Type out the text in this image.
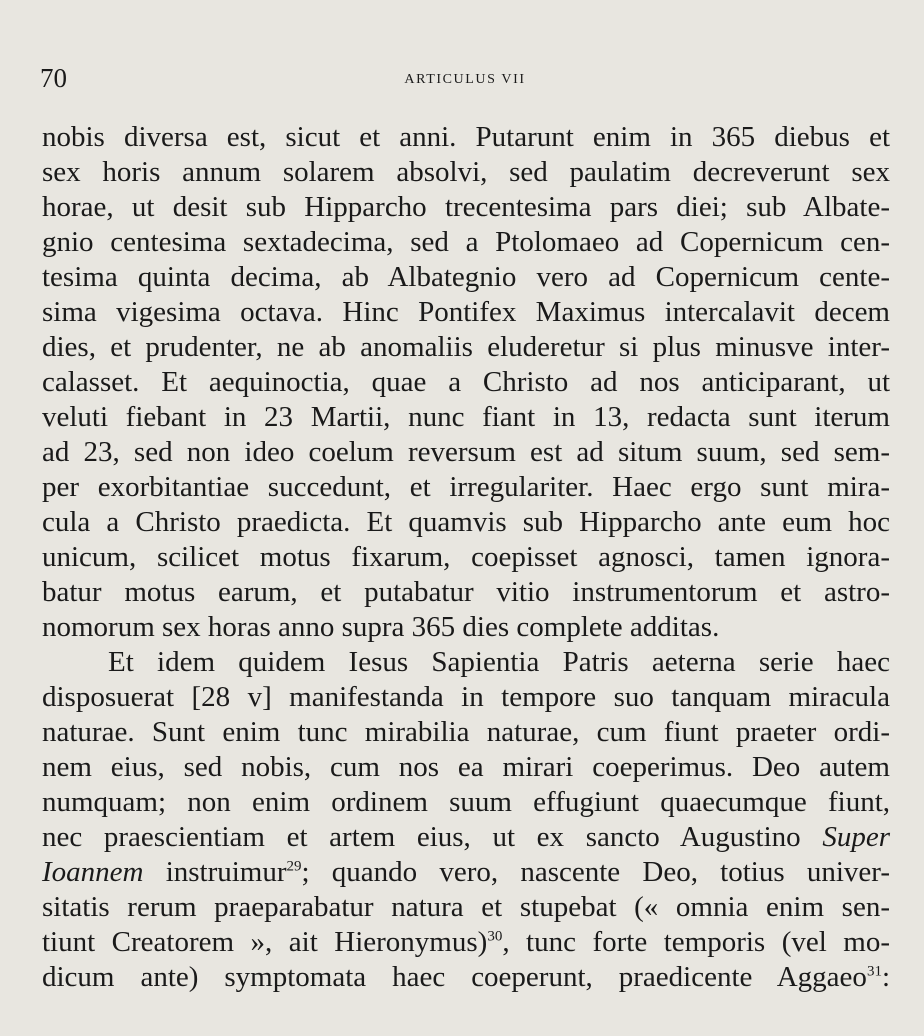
70	ARTICULUS VII
nobis diversa est, sicut et anni. Putarunt enim in 365 diebus et
sex horis annum solarem absolvi, sed paulatim decreverunt sex
horae, ut desit sub Hipparcho trecentesima pars diei; sub Albate-
gnio centesima sextadecima, sed a Ptolomaeo ad Copernicum cen-
tesima quinta decima, ab Albategnio vero ad Copernicum cente-
sima vigesima octava. Hinc Pontifex Maximus intercalavit decem
dies, et prudenter, ne ab anomaliis eluderetur si plus minusve inter-
calasset. Et aequinoctia, quae a Christo ad nos anticiparant, ut
veluti fiebant in 23 Martii, nunc fiant in 13, redacta sunt iterum
ad 23, sed non ideo coelum reversum est ad situm suum, sed sem-
per exorbitantiae succedunt, et irregulariter. Haec ergo sunt mira-
cula a Christo praedicta. Et quamvis sub Hipparcho ante eum hoc
unicum, scilicet motus fixarum, coepisset agnosci, tamen ignora-
batur motus earum, et putabatur vitio instrumentorum et astro-
nomorum sex horas anno supra 365 dies complete additas.
Et idem quidem Iesus Sapientia Patris aeterna serie haec
disposuerat [28 v] manifestanda in tempore suo tanquam miracula
naturae. Sunt enim tunc mirabilia naturae, cum fiunt praeter ordi-
nem eius, sed nobis, cum nos ea mirari coeperimus. Deo autem
numquam; non enim ordinem suum effugiunt quaecumque fiunt,
nec praescientiam et artem eius, ut ex sancto Augustino Super
Ioannem instruimur$^{29}$; quando vero, nascente Deo, totius univer-
sitatis rerum praeparabatur natura et stupebat (« omnia enim sen-
tiunt Creatorem », ait Hieronymus)$^{30}$, tunc forte temporis (vel mo-
dicum ante) symptomata haec coeperunt, praedicente Aggaeo$^{31}$:
